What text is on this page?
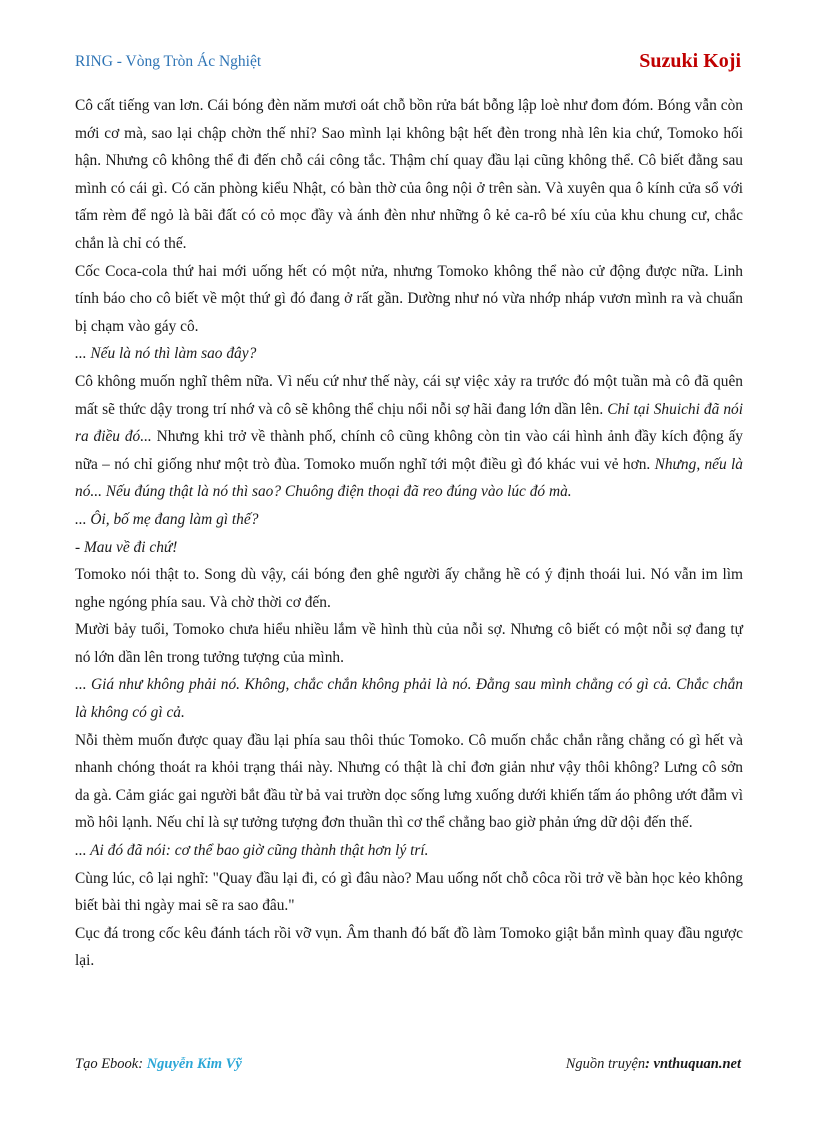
RING - Vòng Tròn Ác Nghiệt	Suzuki Koji

Cô cất tiếng van lơn. Cái bóng đèn năm mươi oát chỗ bồn rửa bát bỗng lập loè như đom đóm. Bóng vẫn còn mới cơ mà, sao lại chập chờn thế nhỉ? Sao mình lại không bật hết đèn trong nhà lên kia chứ, Tomoko hối hận. Nhưng cô không thể đi đến chỗ cái công tắc. Thậm chí quay đầu lại cũng không thể. Cô biết đằng sau mình có cái gì. Có căn phòng kiểu Nhật, có bàn thờ của ông nội ở trên sàn. Và xuyên qua ô kính cửa sổ với tấm rèm để ngỏ là bãi đất có cỏ mọc đầy và ánh đèn như những ô kẻ ca-rô bé xíu của khu chung cư, chắc chắn là chỉ có thế.

Cốc Coca-cola thứ hai mới uống hết có một nửa, nhưng Tomoko không thể nào cử động được nữa. Linh tính báo cho cô biết về một thứ gì đó đang ở rất gần. Dường như nó vừa nhớp nháp vươn mình ra và chuẩn bị chạm vào gáy cô.

... Nếu là nó thì làm sao đây?

Cô không muốn nghĩ thêm nữa. Vì nếu cứ như thế này, cái sự việc xảy ra trước đó một tuần mà cô đã quên mất sẽ thức dậy trong trí nhớ và cô sẽ không thể chịu nổi nỗi sợ hãi đang lớn dần lên. Chỉ tại Shuichi đã nói ra điều đó... Nhưng khi trở về thành phố, chính cô cũng không còn tin vào cái hình ảnh đầy kích động ấy nữa – nó chỉ giống như một trò đùa. Tomoko muốn nghĩ tới một điều gì đó khác vui vẻ hơn. Nhưng, nếu là nó... Nếu đúng thật là nó thì sao? Chuông điện thoại đã reo đúng vào lúc đó mà.

... Ôi, bố mẹ đang làm gì thế?

- Mau về đi chứ!

Tomoko nói thật to. Song dù vậy, cái bóng đen ghê người ấy chẳng hề có ý định thoái lui. Nó vẫn im lìm nghe ngóng phía sau. Và chờ thời cơ đến.

Mười bảy tuổi, Tomoko chưa hiểu nhiều lắm về hình thù của nỗi sợ. Nhưng cô biết có một nỗi sợ đang tự nó lớn dần lên trong tưởng tượng của mình.

... Giá như không phải nó. Không, chắc chắn không phải là nó. Đằng sau mình chẳng có gì cả. Chắc chắn là không có gì cả.

Nỗi thèm muốn được quay đầu lại phía sau thôi thúc Tomoko. Cô muốn chắc chắn rằng chẳng có gì hết và nhanh chóng thoát ra khỏi trạng thái này. Nhưng có thật là chỉ đơn giản như vậy thôi không? Lưng cô sởn da gà. Cảm giác gai người bắt đầu từ bả vai trườn dọc sống lưng xuống dưới khiến tấm áo phông ướt đẫm vì mồ hôi lạnh. Nếu chỉ là sự tưởng tượng đơn thuần thì cơ thể chẳng bao giờ phản ứng dữ dội đến thế.

... Ai đó đã nói: cơ thể bao giờ cũng thành thật hơn lý trí.

Cùng lúc, cô lại nghĩ: "Quay đầu lại đi, có gì đâu nào? Mau uống nốt chỗ côca rồi trở về bàn học kẻo không biết bài thi ngày mai sẽ ra sao đâu."

Cục đá trong cốc kêu đánh tách rồi vỡ vụn. Âm thanh đó bất đồ làm Tomoko giật bắn mình quay đầu ngược lại.

Tạo Ebook: Nguyễn Kim Vỹ	Nguồn truyện: vnthuquan.net
